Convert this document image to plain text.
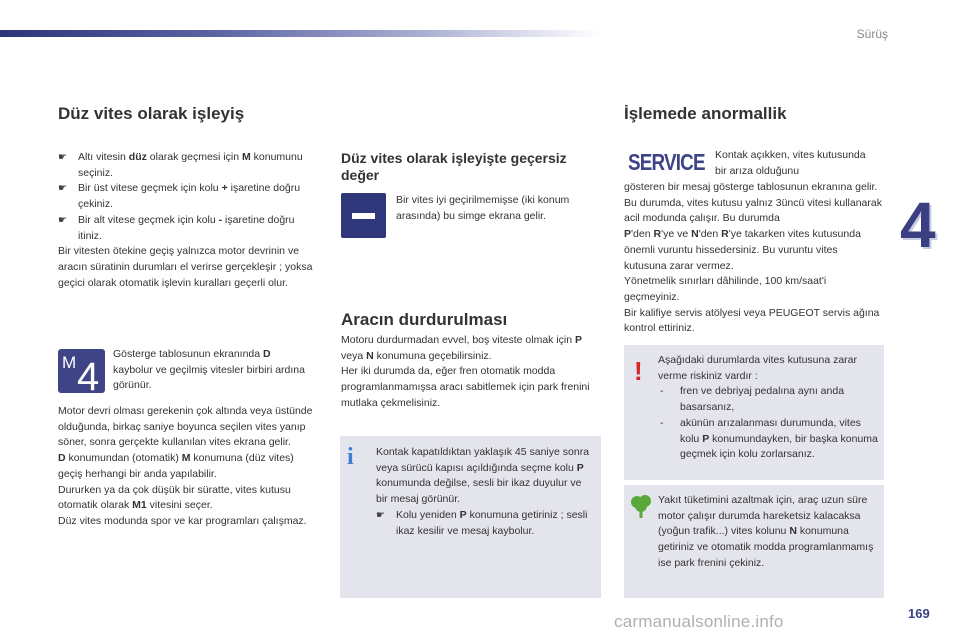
Sürüş
4
169
carmanualsonline.info
Düz vites olarak işleyiş
☛ Altı vitesin düz olarak geçmesi için M konumunu seçiniz.
☛ Bir üst vitese geçmek için kolu + işaretine doğru çekiniz.
☛ Bir alt vitese geçmek için kolu - işaretine doğru itiniz.
Bir vitesten ötekine geçiş yalnızca motor devrinin ve aracın süratinin durumları el verirse gerçekleşir ; yoksa geçici olarak otomatik işlevin kuralları geçerli olur.
M 4
Gösterge tablosunun ekranında D kaybolur ve geçilmiş vitesler birbiri ardına görünür.
Motor devri olması gerekenin çok altında veya üstünde olduğunda, birkaç saniye boyunca seçilen vites yanıp söner, sonra gerçekte kullanılan vites ekrana gelir.
D konumundan (otomatik) M konumuna (düz vites) geçiş herhangi bir anda yapılabilir.
Dururken ya da çok düşük bir süratte, vites kutusu otomatik olarak M1 vitesini seçer.
Düz vites modunda spor ve kar programları çalışmaz.
Düz vites olarak işleyişte geçersiz değer
Bir vites iyi geçirilmemişse (iki konum arasında) bu simge ekrana gelir.
Aracın durdurulması
Motoru durdurmadan evvel, boş viteste olmak için P veya N konumuna geçebilirsiniz.
Her iki durumda da, eğer fren otomatik modda programlanmamışsa aracı sabitlemek için park frenini mutlaka çekmelisiniz.
i Kontak kapatıldıktan yaklaşık 45 saniye sonra veya sürücü kapısı açıldığında seçme kolu P konumunda değilse, sesli bir ikaz duyulur ve bir mesaj görünür.
☛ Kolu yeniden P konumuna getiriniz ; sesli ikaz kesilir ve mesaj kaybolur.
İşlemede anormallik
SERVICE Kontak açıkken, vites kutusunda bir arıza olduğunu
gösteren bir mesaj gösterge tablosunun ekranına gelir.
Bu durumda, vites kutusu yalnız 3üncü vitesi kullanarak acil modunda çalışır. Bu durumda
P'den R'ye ve N'den R'ye takarken vites kutusunda önemli vuruntu hissedersiniz. Bu vuruntu vites kutusuna zarar vermez.
Yönetmelik sınırları dâhilinde, 100 km/saat'i geçmeyiniz.
Bir kalifiye servis atölyesi veya PEUGEOT servis ağına kontrol ettiriniz.
! Aşağıdaki durumlarda vites kutusuna zarar verme riskiniz vardır :
- fren ve debriyaj pedalına aynı anda basarsanız,
- akünün arızalanması durumunda, vites kolu P konumundayken, bir başka konuma geçmek için kolu zorlarsanız.
Yakıt tüketimini azaltmak için, araç uzun süre motor çalışır durumda hareketsiz kalacaksa (yoğun trafik...) vites kolunu N konumuna getiriniz ve otomatik modda programlanmamış ise park frenini çekiniz.
